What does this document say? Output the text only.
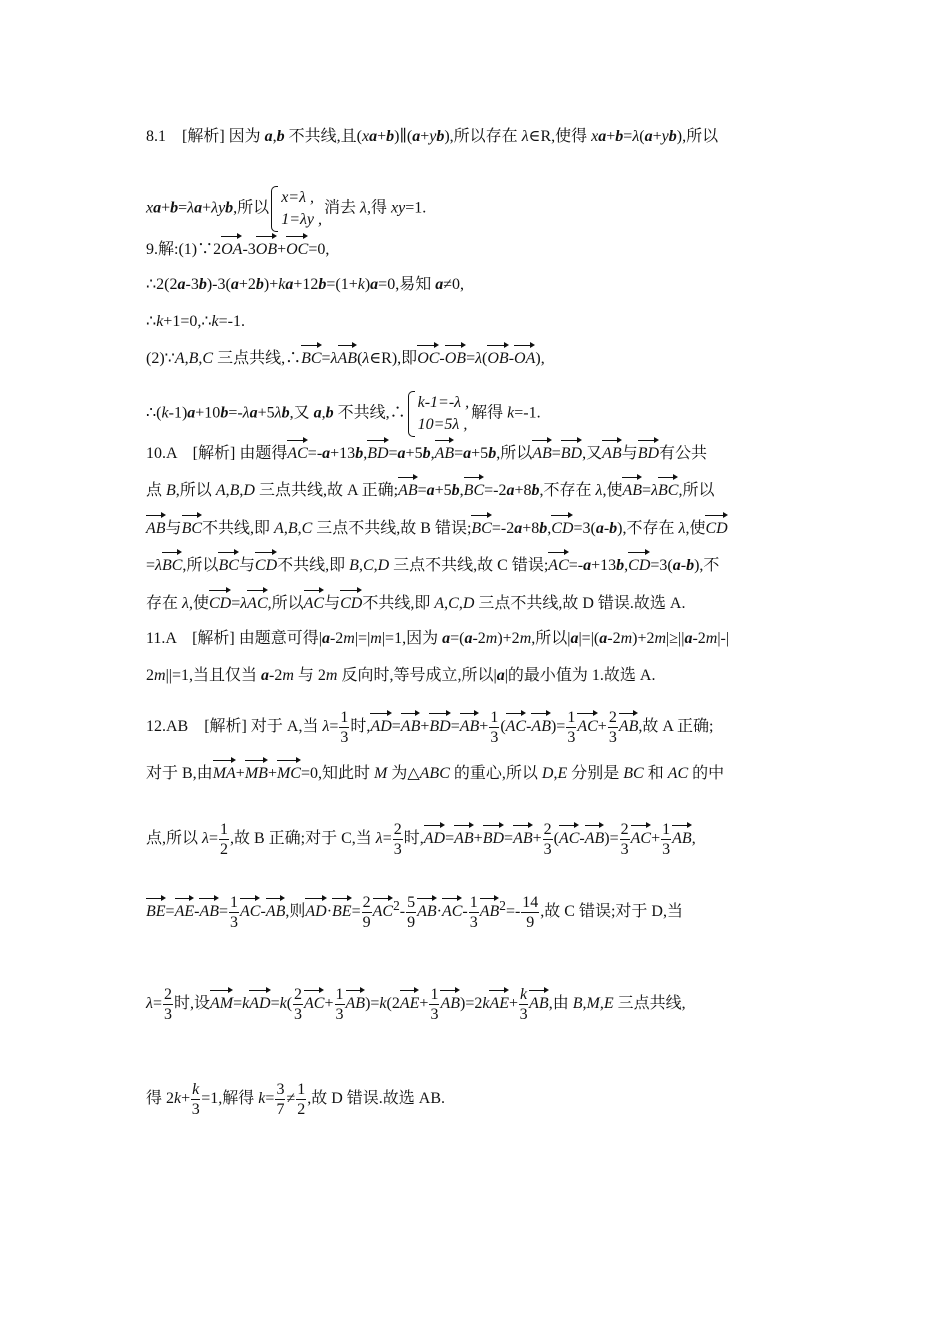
8.1　[解析] 因为 a,b 不共线,且(xa+b)∥(a+yb),所以存在 λ∈R,使得 xa+b=λ(a+yb),所以
xa+b=λa+λyb,所以
x=λ ,
1=λy ,
消去 λ,得 xy=1.
9.解:(1)∵2OA-3OB+OC=0,
∴2(2a-3b)-3(a+2b)+ka+12b=(1+k)a=0,易知 a≠0,
∴k+1=0,∴k=-1.
(2)∵A,B,C 三点共线,∴BC=λAB(λ∈R),即OC-OB=λ(OB-OA),
∴(k-1)a+10b=-λa+5λb,又 a,b 不共线,∴
k-1=-λ ,
10=5λ ,
解得 k=-1.
10.A　[解析] 由题得AC=-a+13b,BD=a+5b,AB=a+5b,所以AB=BD,又AB与BD有公共
点 B,所以 A,B,D 三点共线,故 A 正确;AB=a+5b,BC=-2a+8b,不存在 λ,使AB=λBC,所以
AB与BC不共线,即 A,B,C 三点不共线,故 B 错误;BC=-2a+8b,CD=3(a-b),不存在 λ,使CD
=λBC,所以BC与CD不共线,即 B,C,D 三点不共线,故 C 错误;AC=-a+13b,CD=3(a-b),不
存在 λ,使CD=λAC,所以AC与CD不共线,即 A,C,D 三点不共线,故 D 错误.故选 A.
11.A　[解析] 由题意可得|a-2m|=|m|=1,因为 a=(a-2m)+2m,所以|a|=|(a-2m)+2m|≥||a-2m|-|
2m||=1,当且仅当 a-2m 与 2m 反向时,等号成立,所以|a|的最小值为 1.故选 A.
12.AB　[解析] 对于 A,当 $\lambda= \frac{1}{3}$ 时$,AD=AB+BD=AB+ \frac{1}{3} (AC-AB)= \frac{1}{3} AC+ \frac{2}{3}$ AB,故 A 正确;
对于 B,由MA+MB+MC=0,知此时 M 为△ABC 的重心,所以 D,E 分别是 BC 和 AC 的中
点,所以 $\lambda= \frac{1}{2}$ ,故 B 正确;对于 C,当 $\lambda= \frac{2}{3}$ 时$,AD=AB+BD=AB+ \frac{2}{3} (AC-AB)= \frac{2}{3} AC+ \frac{1}{3}$ AB,
$BE=AE-AB= \frac{1}{3} AC-AB$,则$AD\cdot BE= \frac{2}{9} AC^2- \frac{5}{9} AB\cdot AC- \frac{1}{3} AB^2=- \frac{14}{9}$ ,故 C 错误;对于 D,当
$\lambda= \frac{2}{3}$ 时,设$AM=kAD=k( \frac{2}{3} AC+ \frac{1}{3} AB)=k(2AE+ \frac{1}{3} AB)=2kAE+ \frac{k}{3}$ AB,由 B,M,E 三点共线,
得 $2k+ \frac{k}{3} =1$,解得 $k= \frac{3}{7} \ne \frac{1}{2}$ ,故 D 错误.故选 AB.
